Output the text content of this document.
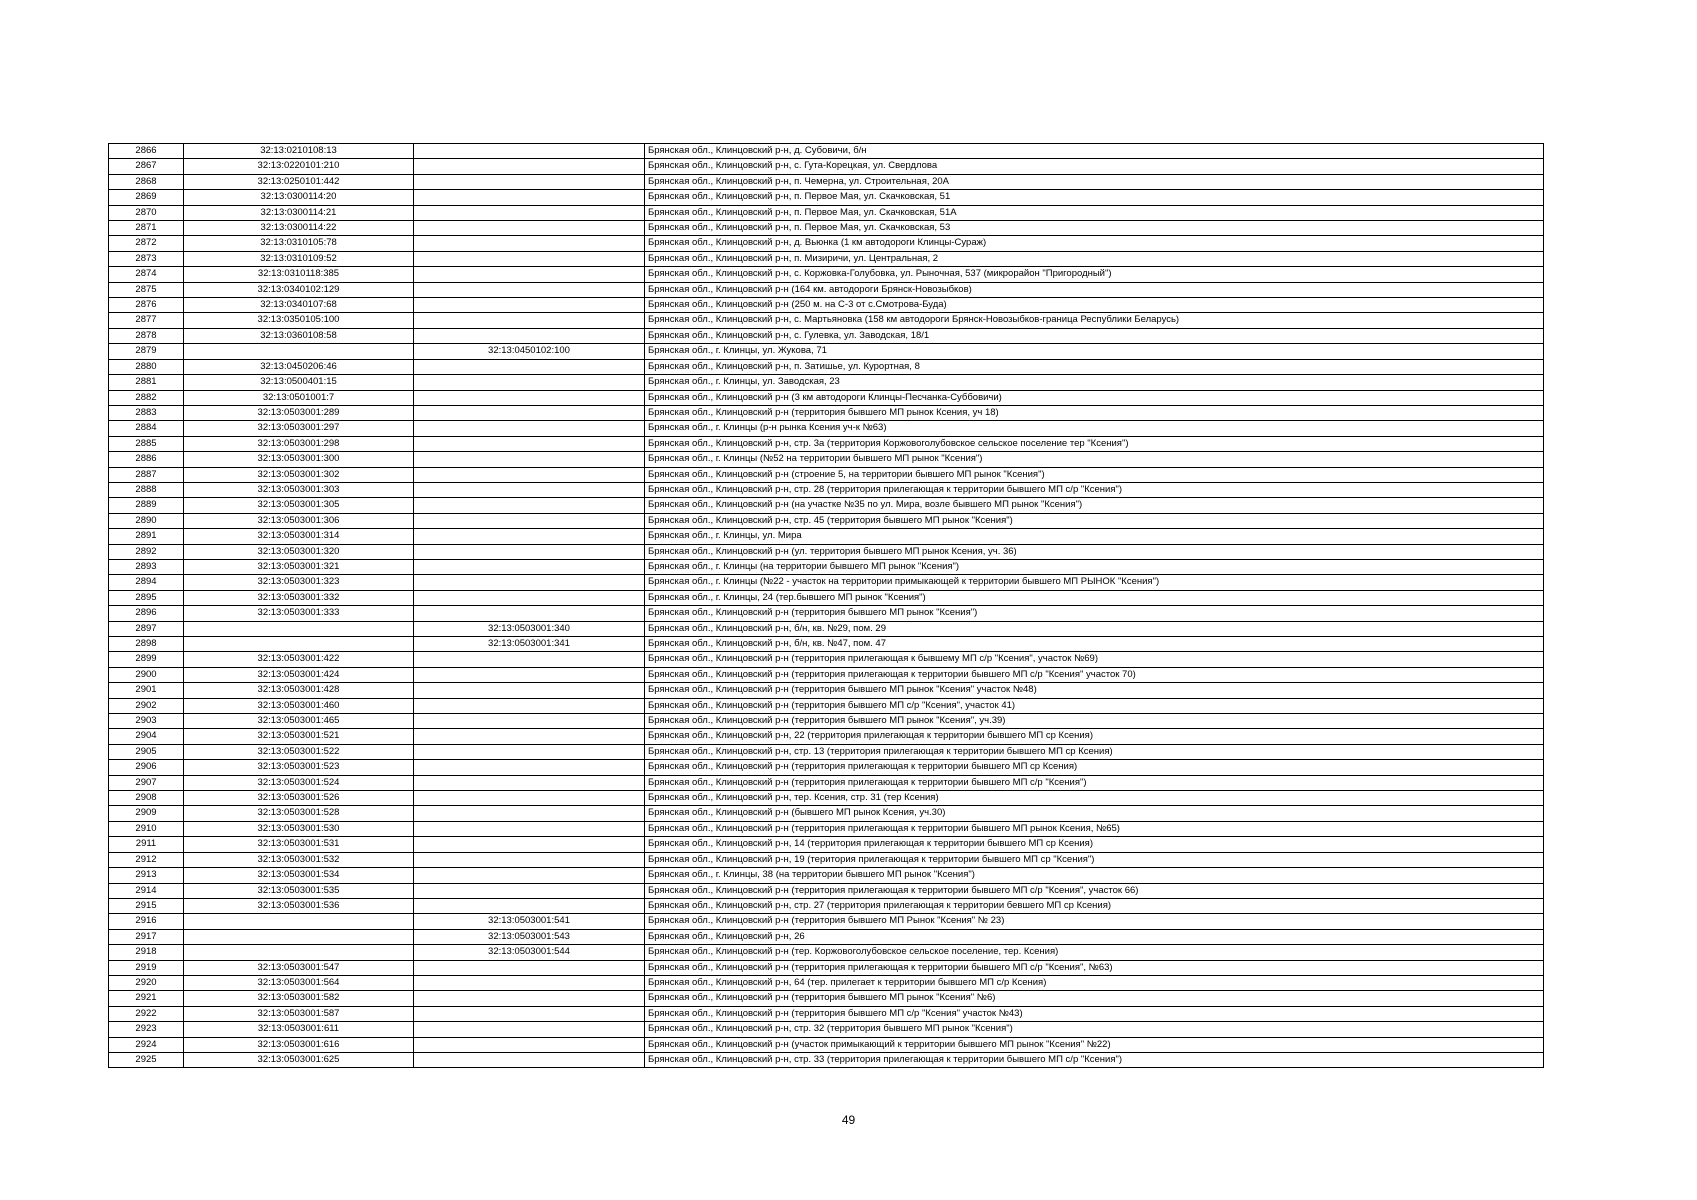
2866	32:13:0210108:13		Брянская обл., Клинцовский р-н, д. Субовичи, б/н
2867	32:13:0220101:210		Брянская обл., Клинцовский р-н, с. Гута-Корецкая, ул. Свердлова
2868	32:13:0250101:442		Брянская обл., Клинцовский р-н, п. Чемерна, ул. Строительная, 20А
2869	32:13:0300114:20		Брянская обл., Клинцовский р-н, п. Первое Мая, ул. Скачковская, 51
2870	32:13:0300114:21		Брянская обл., Клинцовский р-н, п. Первое Мая, ул. Скачковская, 51А
2871	32:13:0300114:22		Брянская обл., Клинцовский р-н, п. Первое Мая, ул. Скачковская, 53
2872	32:13:0310105:78		Брянская обл., Клинцовский р-н, д. Вьюнка (1 км автодороги Клинцы-Сураж)
2873	32:13:0310109:52		Брянская обл., Клинцовский р-н, п. Мизиричи, ул. Центральная, 2
2874	32:13:0310118:385		Брянская обл., Клинцовский р-н, с. Коржовка-Голубовка, ул. Рыночная, 537 (микрорайон "Пригородный")
2875	32:13:0340102:129		Брянская обл., Клинцовский р-н (164 км. автодороги Брянск-Новозыбков)
2876	32:13:0340107:68		Брянская обл., Клинцовский р-н (250 м. на С-3 от с.Смотрова-Буда)
2877	32:13:0350105:100		Брянская обл., Клинцовский р-н, с. Мартьяновка (158 км автодороги Брянск-Новозыбков-граница Республики Беларусь)
2878	32:13:0360108:58		Брянская обл., Клинцовский р-н, с. Гулевка, ул. Заводская, 18/1
2879		32:13:0450102:100	Брянская обл., г. Клинцы, ул. Жукова, 71
2880	32:13:0450206:46		Брянская обл., Клинцовский р-н, п. Затишье, ул. Курортная, 8
2881	32:13:0500401:15		Брянская обл., г. Клинцы, ул. Заводская, 23
2882	32:13:0501001:7		Брянская обл., Клинцовский р-н (3 км автодороги Клинцы-Песчанка-Суббовичи)
2883	32:13:0503001:289		Брянская обл., Клинцовский р-н (территория бывшего МП рынок Ксения, уч 18)
2884	32:13:0503001:297		Брянская обл., г. Клинцы (р-н рынка Ксения уч-к №63)
2885	32:13:0503001:298		Брянская обл., Клинцовский р-н, стр. 3а (территория Коржовоголубовское сельское поселение тер "Ксения")
2886	32:13:0503001:300		Брянская обл., г. Клинцы (№52 на территории бывшего МП рынок "Ксения")
2887	32:13:0503001:302		Брянская обл., Клинцовский р-н (строение 5, на территории бывшего МП рынок "Ксения")
2888	32:13:0503001:303		Брянская обл., Клинцовский р-н, стр. 28 (территория прилегающая к территории бывшего МП с/р "Ксения")
2889	32:13:0503001:305		Брянская обл., Клинцовский р-н (на участке №35 по ул. Мира, возле бывшего МП рынок "Ксения")
2890	32:13:0503001:306		Брянская обл., Клинцовский р-н, стр. 45 (территория бывшего МП рынок "Ксения")
2891	32:13:0503001:314		Брянская обл., г. Клинцы, ул. Мира
2892	32:13:0503001:320		Брянская обл., Клинцовский р-н (ул. территория бывшего МП рынок Ксения, уч. 36)
2893	32:13:0503001:321		Брянская обл., г. Клинцы (на территории бывшего МП рынок "Ксения")
2894	32:13:0503001:323		Брянская обл., г. Клинцы (№22 - участок на территории примыкающей к территории бывшего МП РЫНОК "Ксения")
2895	32:13:0503001:332		Брянская обл., г. Клинцы, 24 (тер.бывшего МП рынок "Ксения")
2896	32:13:0503001:333		Брянская обл., Клинцовский р-н (территория бывшего МП рынок "Ксения")
2897		32:13:0503001:340	Брянская обл., Клинцовский р-н, б/н, кв. №29, пом. 29
2898		32:13:0503001:341	Брянская обл., Клинцовский р-н, б/н, кв. №47, пом. 47
2899	32:13:0503001:422		Брянская обл., Клинцовский р-н (территория прилегающая к бывшему МП с/р "Ксения", участок №69)
2900	32:13:0503001:424		Брянская обл., Клинцовский р-н (территория прилегающая к территории бывшего МП с/р "Ксения" участок 70)
2901	32:13:0503001:428		Брянская обл., Клинцовский р-н (территория бывшего МП рынок "Ксения" участок №48)
2902	32:13:0503001:460		Брянская обл., Клинцовский р-н (территория бывшего МП с/р "Ксения", участок 41)
2903	32:13:0503001:465		Брянская обл., Клинцовский р-н (территория бывшего МП рынок "Ксения", уч.39)
2904	32:13:0503001:521		Брянская обл., Клинцовский р-н, 22 (территория прилегающая к территории бывшего МП ср Ксения)
2905	32:13:0503001:522		Брянская обл., Клинцовский р-н, стр. 13 (территория прилегающая к территории бывшего МП ср Ксения)
2906	32:13:0503001:523		Брянская обл., Клинцовский р-н (территория прилегающая к территории бывшего МП ср Ксения)
2907	32:13:0503001:524		Брянская обл., Клинцовский р-н (территория прилегающая к территории бывшего МП с/р "Ксения")
2908	32:13:0503001:526		Брянская обл., Клинцовский р-н, тер. Ксения, стр. 31 (тер Ксения)
2909	32:13:0503001:528		Брянская обл., Клинцовский р-н (бывшего МП рынок Ксения, уч.30)
2910	32:13:0503001:530		Брянская обл., Клинцовский р-н (территория прилегающая к территории бывшего МП рынок Ксения, №65)
2911	32:13:0503001:531		Брянская обл., Клинцовский р-н, 14 (территория прилегающая к территории бывшего МП ср Ксения)
2912	32:13:0503001:532		Брянская обл., Клинцовский р-н, 19 (територия прилегающая к территории бывшего МП ср "Ксения")
2913	32:13:0503001:534		Брянская обл., г. Клинцы, 38 (на территории бывшего МП рынок "Ксения")
2914	32:13:0503001:535		Брянская обл., Клинцовский р-н (территория прилегающая к территории бывшего МП с/р "Ксения", участок 66)
2915	32:13:0503001:536		Брянская обл., Клинцовский р-н, стр. 27 (территория прилегающая к территории бевшего МП ср Ксения)
2916		32:13:0503001:541	Брянская обл., Клинцовский р-н (территория бывшего МП Рынок "Ксения" № 23)
2917		32:13:0503001:543	Брянская обл., Клинцовский р-н, 26
2918		32:13:0503001:544	Брянская обл., Клинцовский р-н (тер. Коржовоголубовское сельское поселение, тер. Ксения)
2919	32:13:0503001:547		Брянская обл., Клинцовский р-н (территория прилегающая к территории бывшего МП с/р "Ксения", №63)
2920	32:13:0503001:564		Брянская обл., Клинцовский р-н, 64 (тер. прилегает к территории бывшего МП с/р Ксения)
2921	32:13:0503001:582		Брянская обл., Клинцовский р-н (территория бывшего МП рынок "Ксения" №6)
2922	32:13:0503001:587		Брянская обл., Клинцовский р-н (территория бывшего МП с/р "Ксения" участок №43)
2923	32:13:0503001:611		Брянская обл., Клинцовский р-н, стр. 32 (территория бывшего МП рынок "Ксения")
2924	32:13:0503001:616		Брянская обл., Клинцовский р-н (участок примыкающий к территории бывшего МП рынок "Ксения" №22)
2925	32:13:0503001:625		Брянская обл., Клинцовский р-н, стр. 33 (территория прилегающая к территории бывшего МП с/р "Ксения")
49
